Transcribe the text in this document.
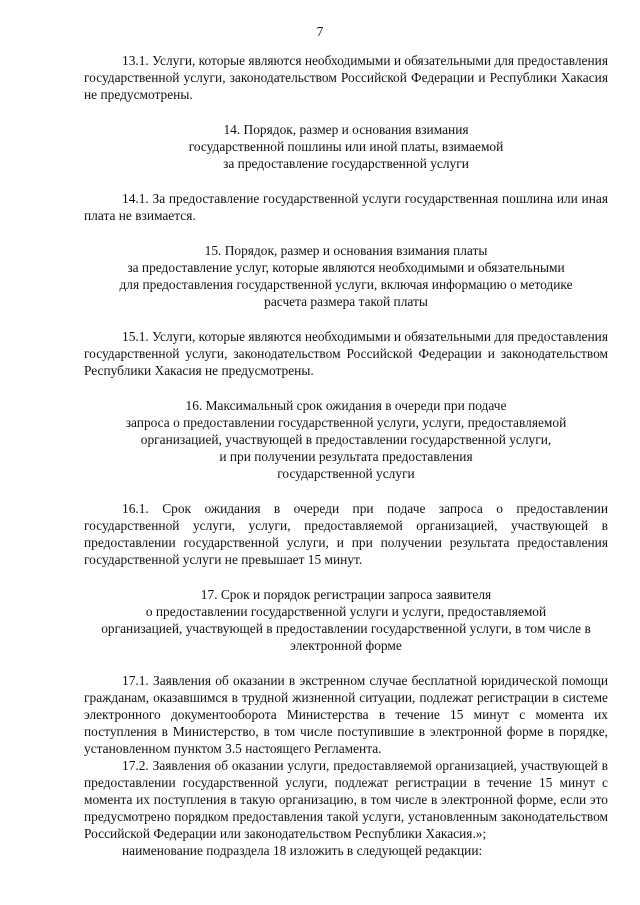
7

13.1. Услуги, которые являются необходимыми и обязательными для предоставления государственной услуги, законодательством Российской Федерации и Республики Хакасия не предусмотрены.

14. Порядок, размер и основания взимания
государственной пошлины или иной платы, взимаемой
за предоставление государственной услуги

14.1. За предоставление государственной услуги государственная пошлина или иная плата не взимается.

15. Порядок, размер и основания взимания платы
за предоставление услуг, которые являются необходимыми и обязательными
для предоставления государственной услуги, включая информацию о методике
расчета размера такой платы

15.1. Услуги, которые являются необходимыми и обязательными для предоставления государственной услуги, законодательством Российской Федерации и законодательством Республики Хакасия не предусмотрены.

16. Максимальный срок ожидания в очереди при подаче
запроса о предоставлении государственной услуги, услуги, предоставляемой
организацией, участвующей в предоставлении государственной услуги,
и при получении результата предоставления
государственной услуги

16.1. Срок ожидания в очереди при подаче запроса о предоставлении государственной услуги, услуги, предоставляемой организацией, участвующей в предоставлении государственной услуги, и при получении результата предоставления государственной услуги не превышает 15 минут.

17. Срок и порядок регистрации запроса заявителя
о предоставлении государственной услуги и услуги, предоставляемой
организацией, участвующей в предоставлении государственной услуги, в том числе в
электронной форме

17.1. Заявления об оказании в экстренном случае бесплатной юридической помощи гражданам, оказавшимся в трудной жизненной ситуации, подлежат регистрации в системе электронного документооборота Министерства в течение 15 минут с момента их поступления в Министерство, в том числе поступившие в электронной форме в порядке, установленном пунктом 3.5 настоящего Регламента.

17.2. Заявления об оказании услуги, предоставляемой организацией, участвующей в предоставлении государственной услуги, подлежат регистрации в течение 15 минут с момента их поступления в такую организацию, в том числе в электронной форме, если это предусмотрено порядком предоставления такой услуги, установленным законодательством Российской Федерации или законодательством Республики Хакасия.»;

наименование подраздела 18 изложить в следующей редакции:
